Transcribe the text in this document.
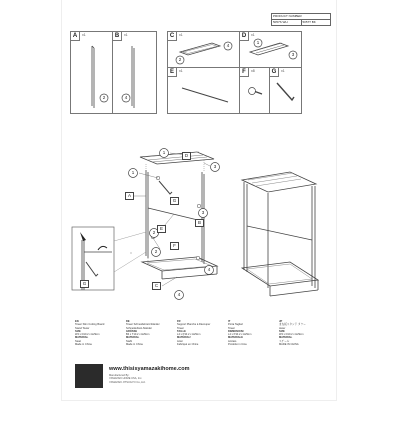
PRODUCT NUMBER
5057S WH	5057T BK
A	x1
2
B	x1
4
C	x1
2
4
D	x1
1
3
E	x1	F	x8	G	x1
1
1
3
2
3
2
4
4
D
A
G
E
B
F
C
G
EN
Tower Slim Cutting Board
Stand Tower
SIZE
W4 x D10.2 x H29cm
MATERIAL
Steel
Made in China
DE
Tower Schneidebrett-Ständer
Schneidebrett-Ständer
GRÖSSE
B4 x T10.2 x H29cm
MATERIAL
Stahl
Made in China
FR
Support Planche à Découper
Tower
TAILLE
L4 x P10.2 x H29cm
MATÉRIAU
Acier
Fabriqué en Chine
IT
Porta Taglieri
Tower
DIMENSIONI
L4 x P10.2 x H29cm
MATERIALE
Acciaio
Prodotto in Cina
JP
まな板スタンド タワー
tower
SIZE
W4 x D10.2 x H29cm
MATERIAL
スチール
MADE IN CHINA
Yamazaki
www.thisisyamazakihome.com
Manufactured By:
YAMAZAKI HOME USA, Inc.
YAMAZAKI JITSUGYO Co.,Ltd.
